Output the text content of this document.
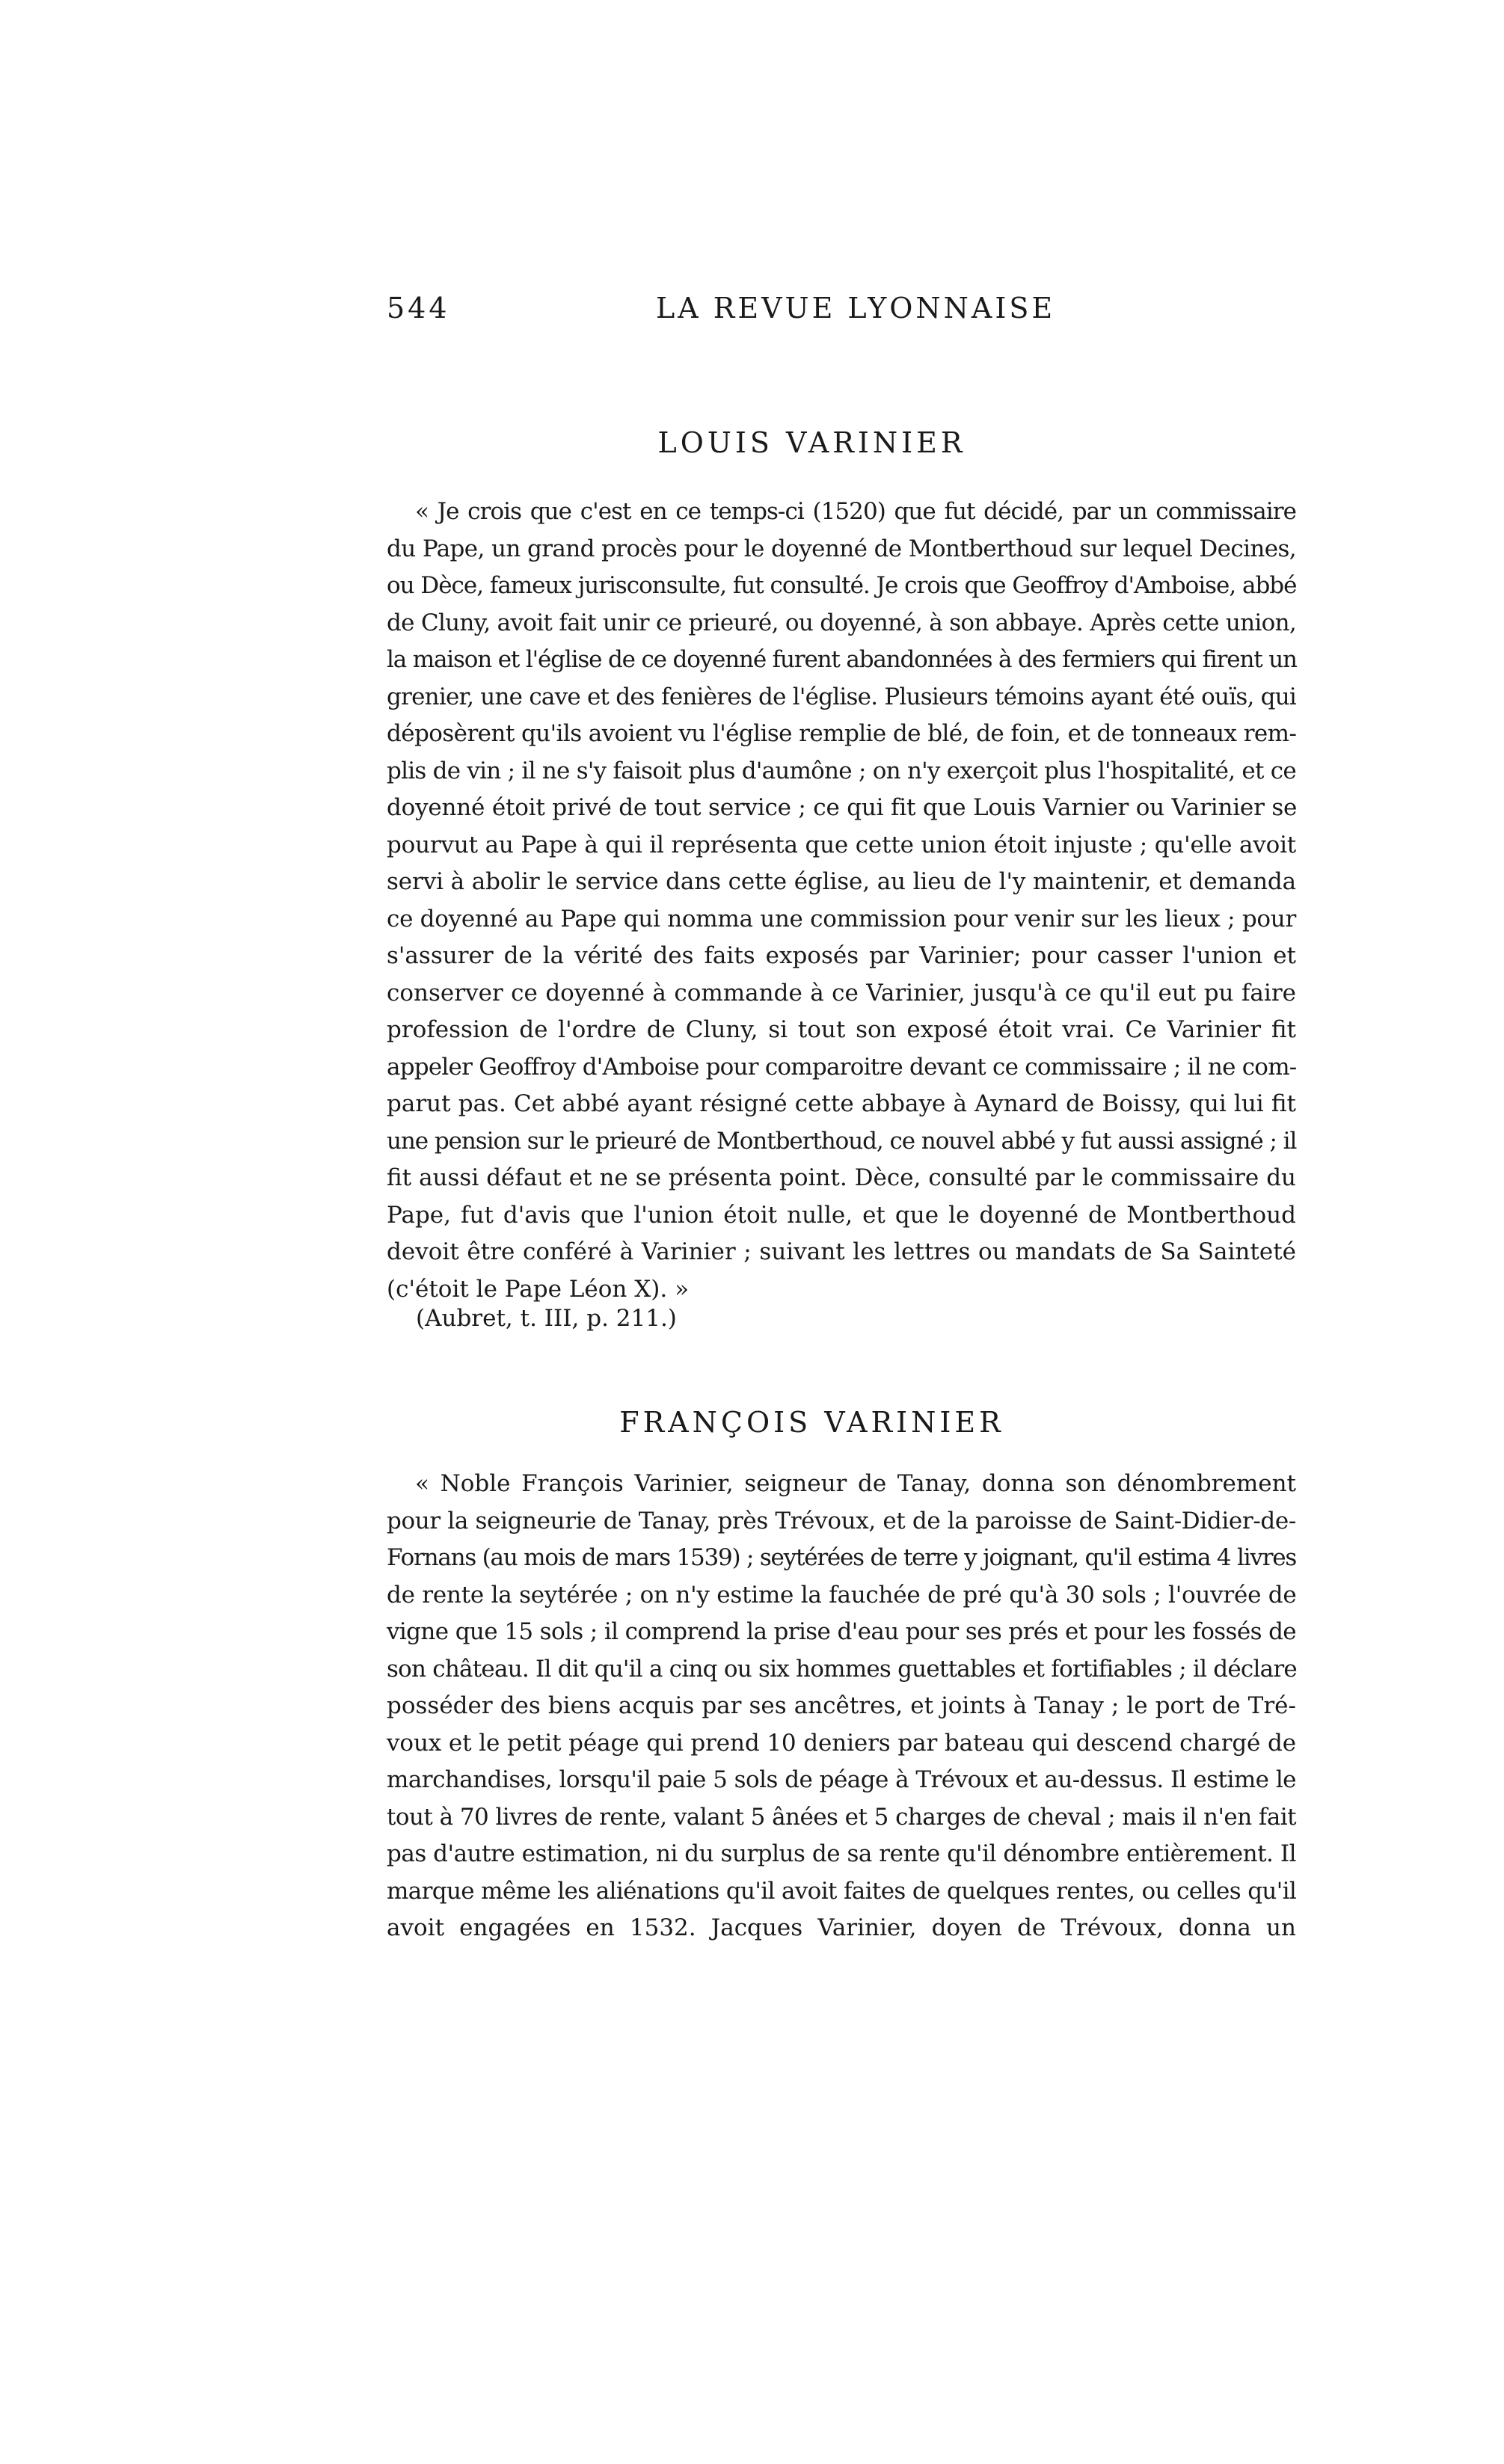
544	LA REVUE LYONNAISE
LOUIS VARINIER
« Je crois que c'est en ce temps-ci (1520) que fut décidé, par un commissaire
du Pape, un grand procès pour le doyenné de Montberthoud sur lequel Decines,
ou Dèce, fameux jurisconsulte, fut consulté. Je crois que Geoffroy d'Amboise, abbé
de Cluny, avoit fait unir ce prieuré, ou doyenné, à son abbaye. Après cette union,
la maison et l'église de ce doyenné furent abandonnées à des fermiers qui firent un
grenier, une cave et des fenières de l'église. Plusieurs témoins ayant été ouïs, qui
déposèrent qu'ils avoient vu l'église remplie de blé, de foin, et de tonneaux rem-
plis de vin ; il ne s'y faisoit plus d'aumône ; on n'y exerçoit plus l'hospitalité, et ce
doyenné étoit privé de tout service ; ce qui fit que Louis Varnier ou Varinier se
pourvut au Pape à qui il représenta que cette union étoit injuste ; qu'elle avoit
servi à abolir le service dans cette église, au lieu de l'y maintenir, et demanda
ce doyenné au Pape qui nomma une commission pour venir sur les lieux ; pour
s'assurer de la vérité des faits exposés par Varinier; pour casser l'union et
conserver ce doyenné à commande à ce Varinier, jusqu'à ce qu'il eut pu faire
profession de l'ordre de Cluny, si tout son exposé étoit vrai. Ce Varinier fit
appeler Geoffroy d'Amboise pour comparoitre devant ce commissaire ; il ne com-
parut pas. Cet abbé ayant résigné cette abbaye à Aynard de Boissy, qui lui fit
une pension sur le prieuré de Montberthoud, ce nouvel abbé y fut aussi assigné ; il
fit aussi défaut et ne se présenta point. Dèce, consulté par le commissaire du
Pape, fut d'avis que l'union étoit nulle, et que le doyenné de Montberthoud
devoit être conféré à Varinier ; suivant les lettres ou mandats de Sa Sainteté
(c'étoit le Pape Léon X). »
(Aubret, t. III, p. 211.)
FRANÇOIS VARINIER
« Noble François Varinier, seigneur de Tanay, donna son dénombrement
pour la seigneurie de Tanay, près Trévoux, et de la paroisse de Saint-Didier-de-
Fornans (au mois de mars 1539) ; seytérées de terre y joignant, qu'il estima 4 livres
de rente la seytérée ; on n'y estime la fauchée de pré qu'à 30 sols ; l'ouvrée de
vigne que 15 sols ; il comprend la prise d'eau pour ses prés et pour les fossés de
son château. Il dit qu'il a cinq ou six hommes guettables et fortifiables ; il déclare
posséder des biens acquis par ses ancêtres, et joints à Tanay ; le port de Tré-
voux et le petit péage qui prend 10 deniers par bateau qui descend chargé de
marchandises, lorsqu'il paie 5 sols de péage à Trévoux et au-dessus. Il estime le
tout à 70 livres de rente, valant 5 ânées et 5 charges de cheval ; mais il n'en fait
pas d'autre estimation, ni du surplus de sa rente qu'il dénombre entièrement. Il
marque même les aliénations qu'il avoit faites de quelques rentes, ou celles qu'il
avoit engagées en 1532. Jacques Varinier, doyen de Trévoux, donna un
